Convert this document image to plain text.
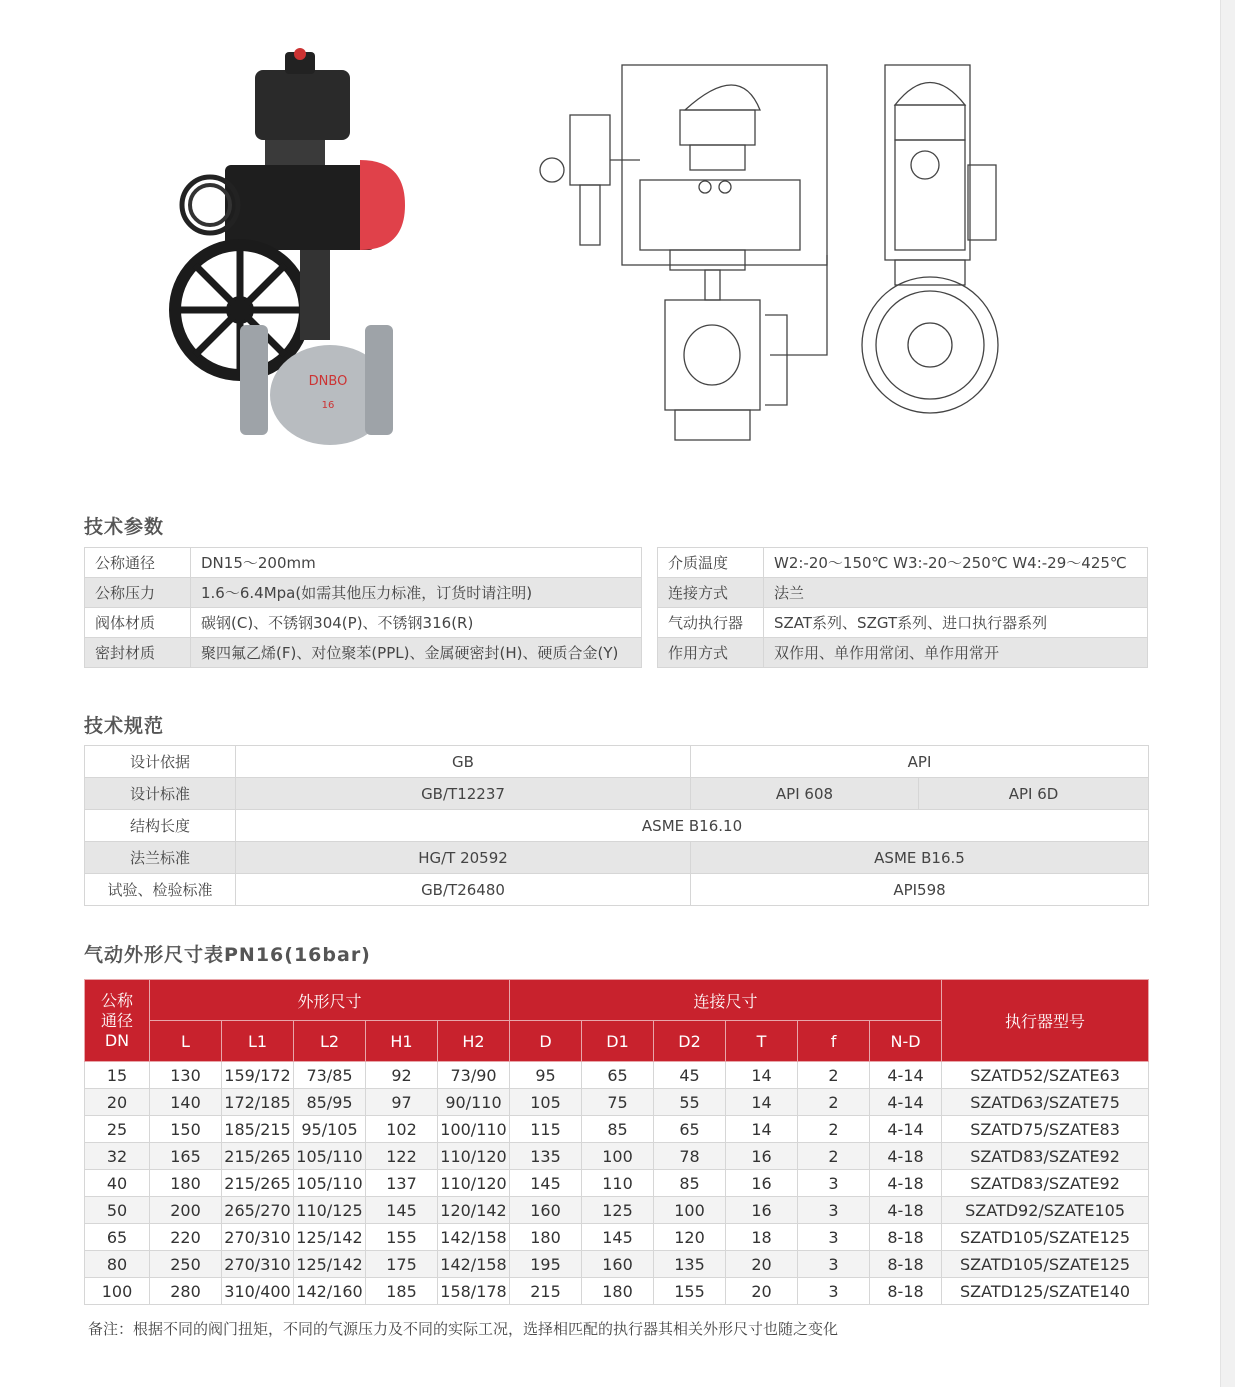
DNBO
16
技术参数
公称通径	DN15～200mm
公称压力	1.6～6.4Mpa(如需其他压力标准，订货时请注明)
阀体材质	碳钢(C)、不锈钢304(P)、不锈钢316(R)
密封材质	聚四氟乙烯(F)、对位聚苯(PPL)、金属硬密封(H)、硬质合金(Y)
介质温度	W2:-20～150℃ W3:-20～250℃ W4:-29～425℃
连接方式	法兰
气动执行器	SZAT系列、SZGT系列、进口执行器系列
作用方式	双作用、单作用常闭、单作用常开
技术规范
设计依据	GB	API	
设计标准	GB/T12237	API 608	API 6D
结构长度	ASME B16.10		
法兰标准	HG/T 20592	ASME B16.5	
试验、检验标准	GB/T26480	API598	
气动外形尺寸表PN16(16bar)
公称通径DN	外形尺寸					连接尺寸						执行器型号
	L	L1	L2	H1	H2	D	D1	D2	T	f	N-D	
15	130	159/172	73/85	92	73/90	95	65	45	14	2	4-14	SZATD52/SZATE63
20	140	172/185	85/95	97	90/110	105	75	55	14	2	4-14	SZATD63/SZATE75
25	150	185/215	95/105	102	100/110	115	85	65	14	2	4-14	SZATD75/SZATE83
32	165	215/265	105/110	122	110/120	135	100	78	16	2	4-18	SZATD83/SZATE92
40	180	215/265	105/110	137	110/120	145	110	85	16	3	4-18	SZATD83/SZATE92
50	200	265/270	110/125	145	120/142	160	125	100	16	3	4-18	SZATD92/SZATE105
65	220	270/310	125/142	155	142/158	180	145	120	18	3	8-18	SZATD105/SZATE125
80	250	270/310	125/142	175	142/158	195	160	135	20	3	8-18	SZATD105/SZATE125
100	280	310/400	142/160	185	158/178	215	180	155	20	3	8-18	SZATD125/SZATE140
备注：根据不同的阀门扭矩，不同的气源压力及不同的实际工况，选择相匹配的执行器其相关外形尺寸也随之变化
